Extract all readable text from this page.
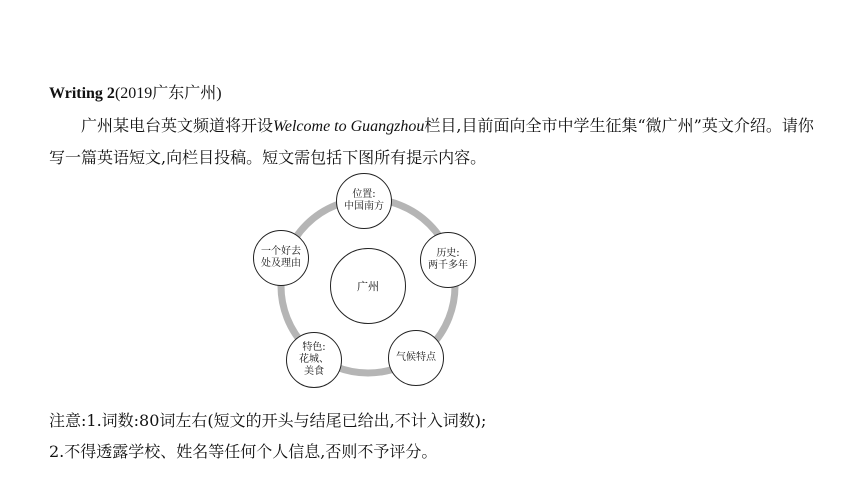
Writing 2(2019广东广州)
广州某电台英文频道将开设Welcome to Guangzhou栏目,目前面向全市中学生征集“微广州”英文介绍。请你写一篇英语短文,向栏目投稿。短文需包括下图所有提示内容。
广州
位置:
中国南方
历史:
两千多年
气候特点
特色:
花城、
美食
一个好去
处及理由
注意:1.词数:80词左右(短文的开头与结尾已给出,不计入词数);
2.不得透露学校、姓名等任何个人信息,否则不予评分。
